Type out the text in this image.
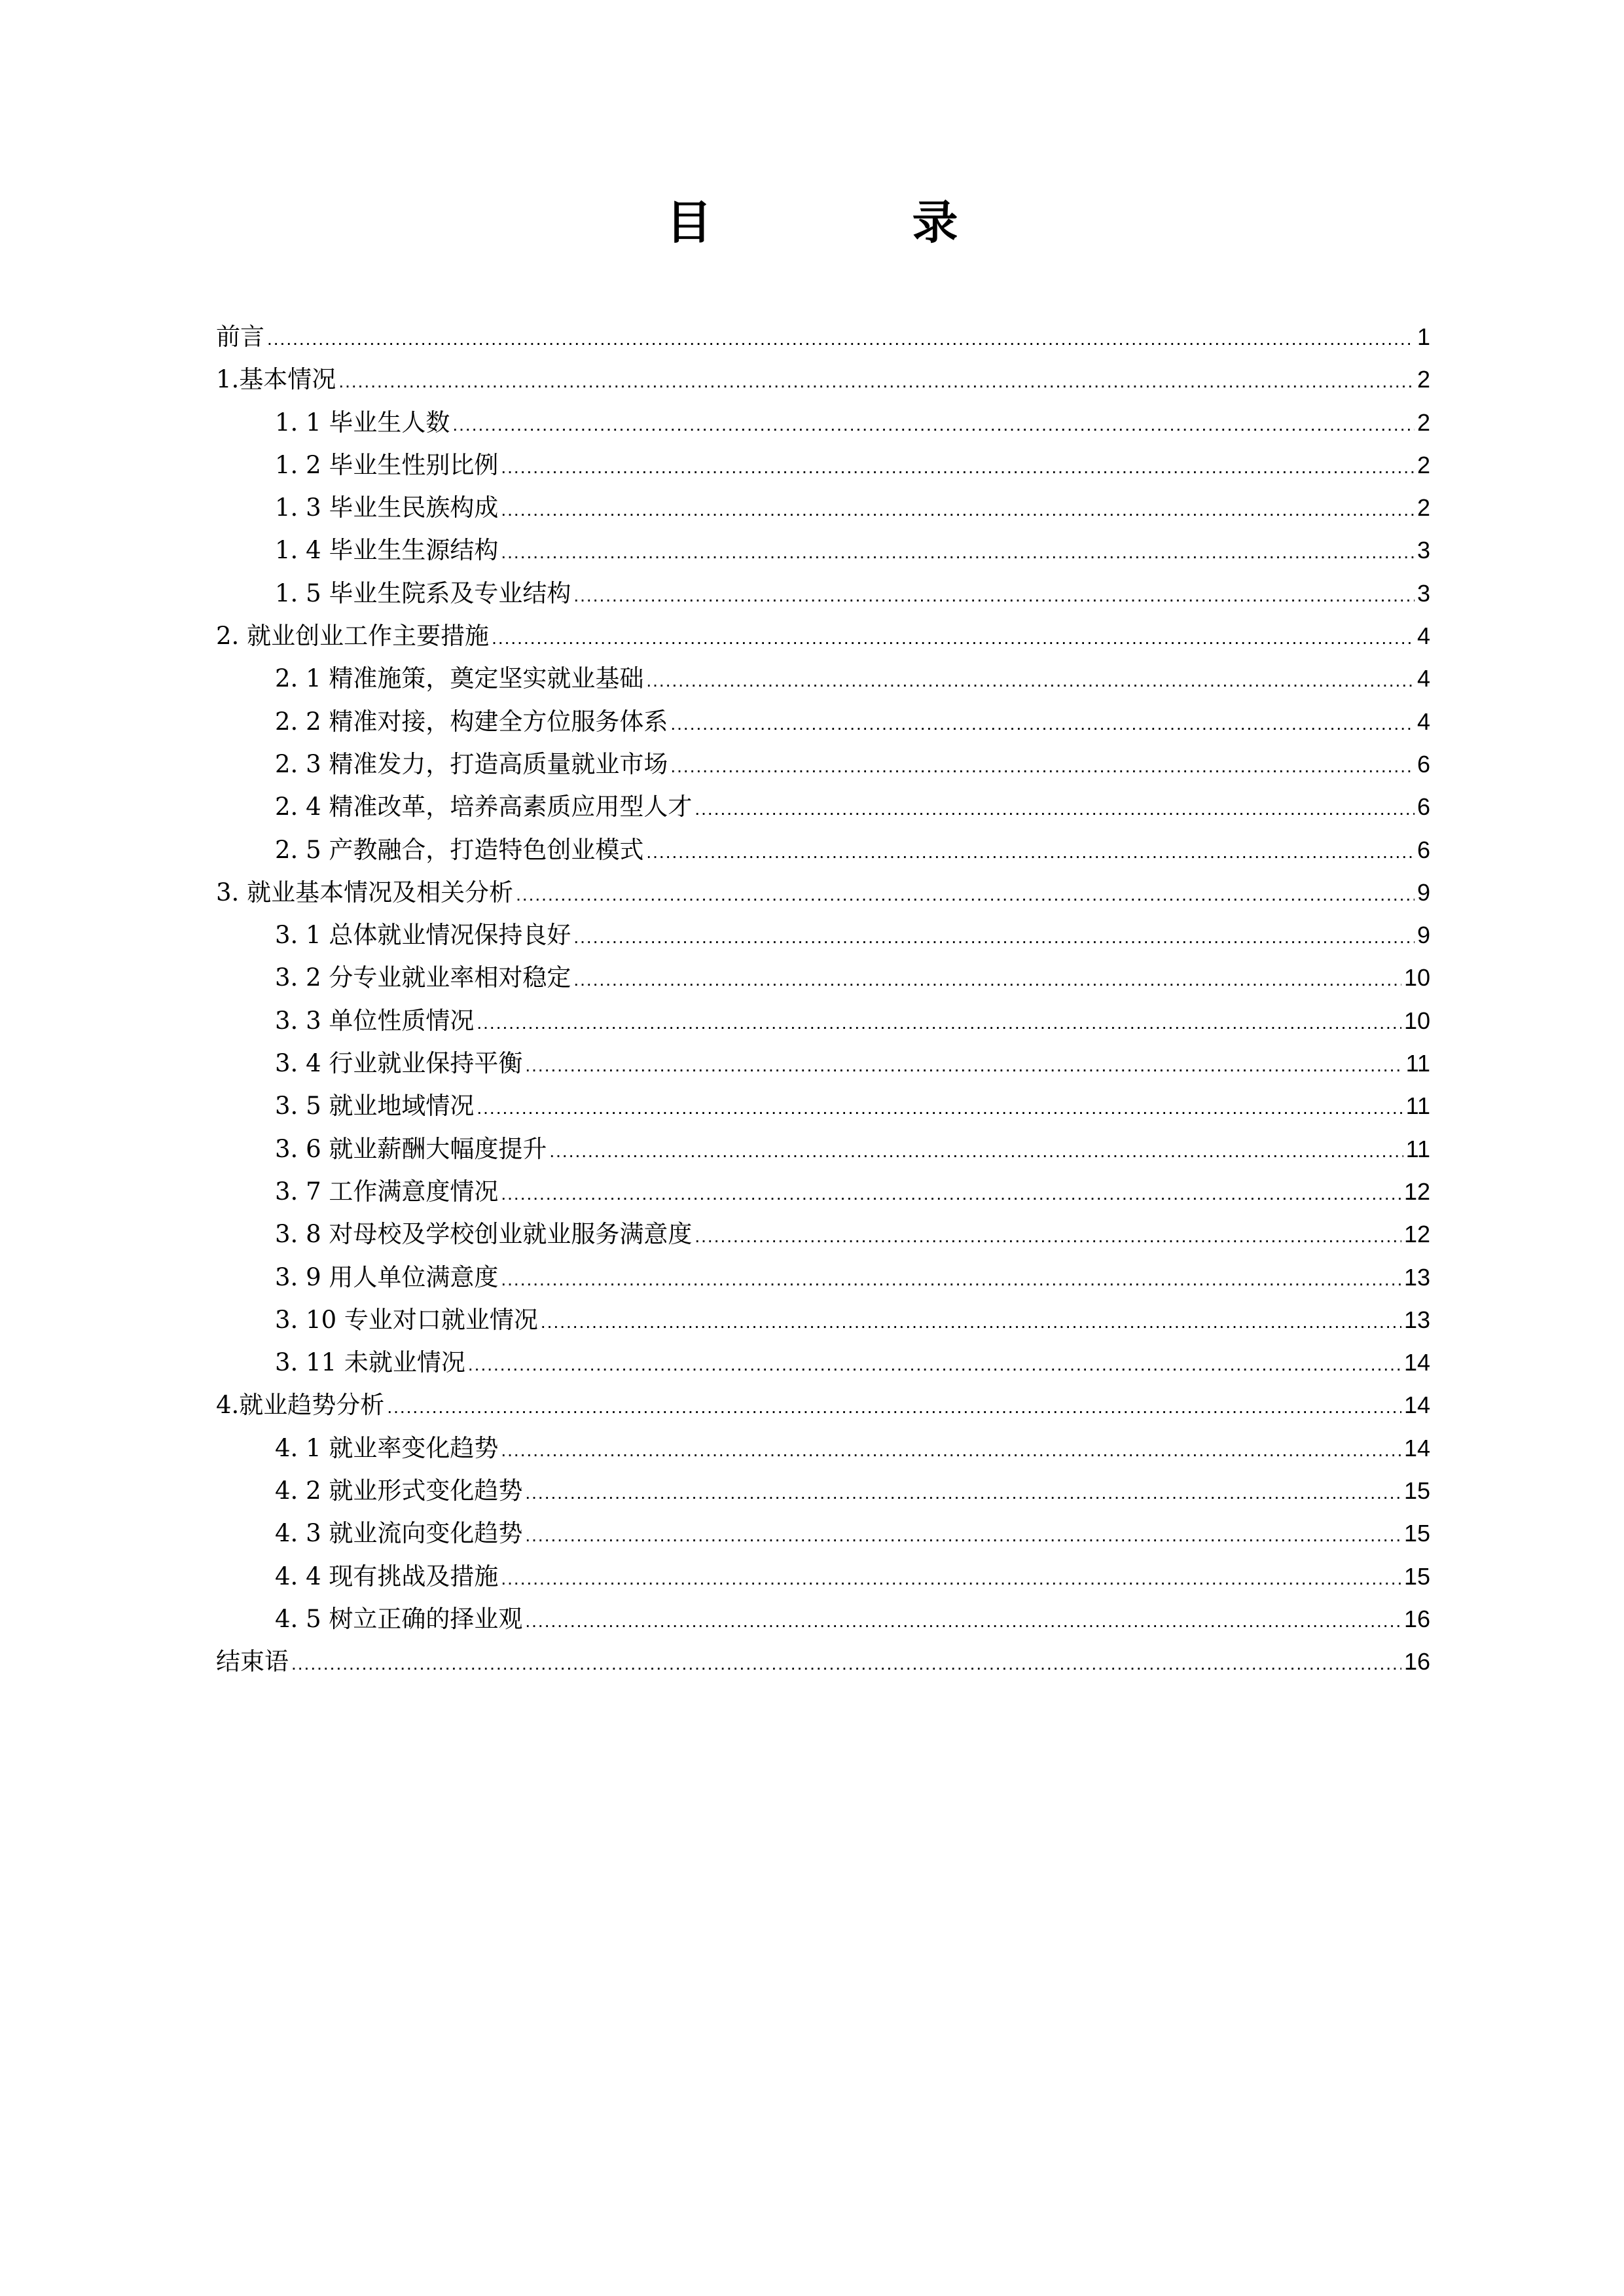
目　录
前言 .....	1
1.基本情况 .....	2
1. 1 毕业生人数 .....	2
1. 2 毕业生性别比例 .....	2
1. 3 毕业生民族构成 .....	2
1. 4 毕业生生源结构 .....	3
1. 5 毕业生院系及专业结构 .....	3
2. 就业创业工作主要措施 .....	4
2. 1 精准施策，奠定坚实就业基础 .....	4
2. 2 精准对接，构建全方位服务体系 .....	4
2. 3 精准发力，打造高质量就业市场 .....	6
2. 4 精准改革，培养高素质应用型人才 .....	6
2. 5 产教融合，打造特色创业模式 .....	6
3. 就业基本情况及相关分析 .....	9
3. 1 总体就业情况保持良好 .....	9
3. 2 分专业就业率相对稳定 .....	10
3. 3 单位性质情况 .....	10
3. 4 行业就业保持平衡 .....	11
3. 5 就业地域情况 .....	11
3. 6 就业薪酬大幅度提升 .....	11
3. 7 工作满意度情况 .....	12
3. 8 对母校及学校创业就业服务满意度 .....	12
3. 9 用人单位满意度 .....	13
3. 10 专业对口就业情况 .....	13
3. 11 未就业情况 .....	14
4.就业趋势分析 .....	14
4. 1 就业率变化趋势 .....	14
4. 2 就业形式变化趋势 .....	15
4. 3 就业流向变化趋势 .....	15
4. 4 现有挑战及措施 .....	15
4. 5 树立正确的择业观 .....	16
结束语 .....	16
